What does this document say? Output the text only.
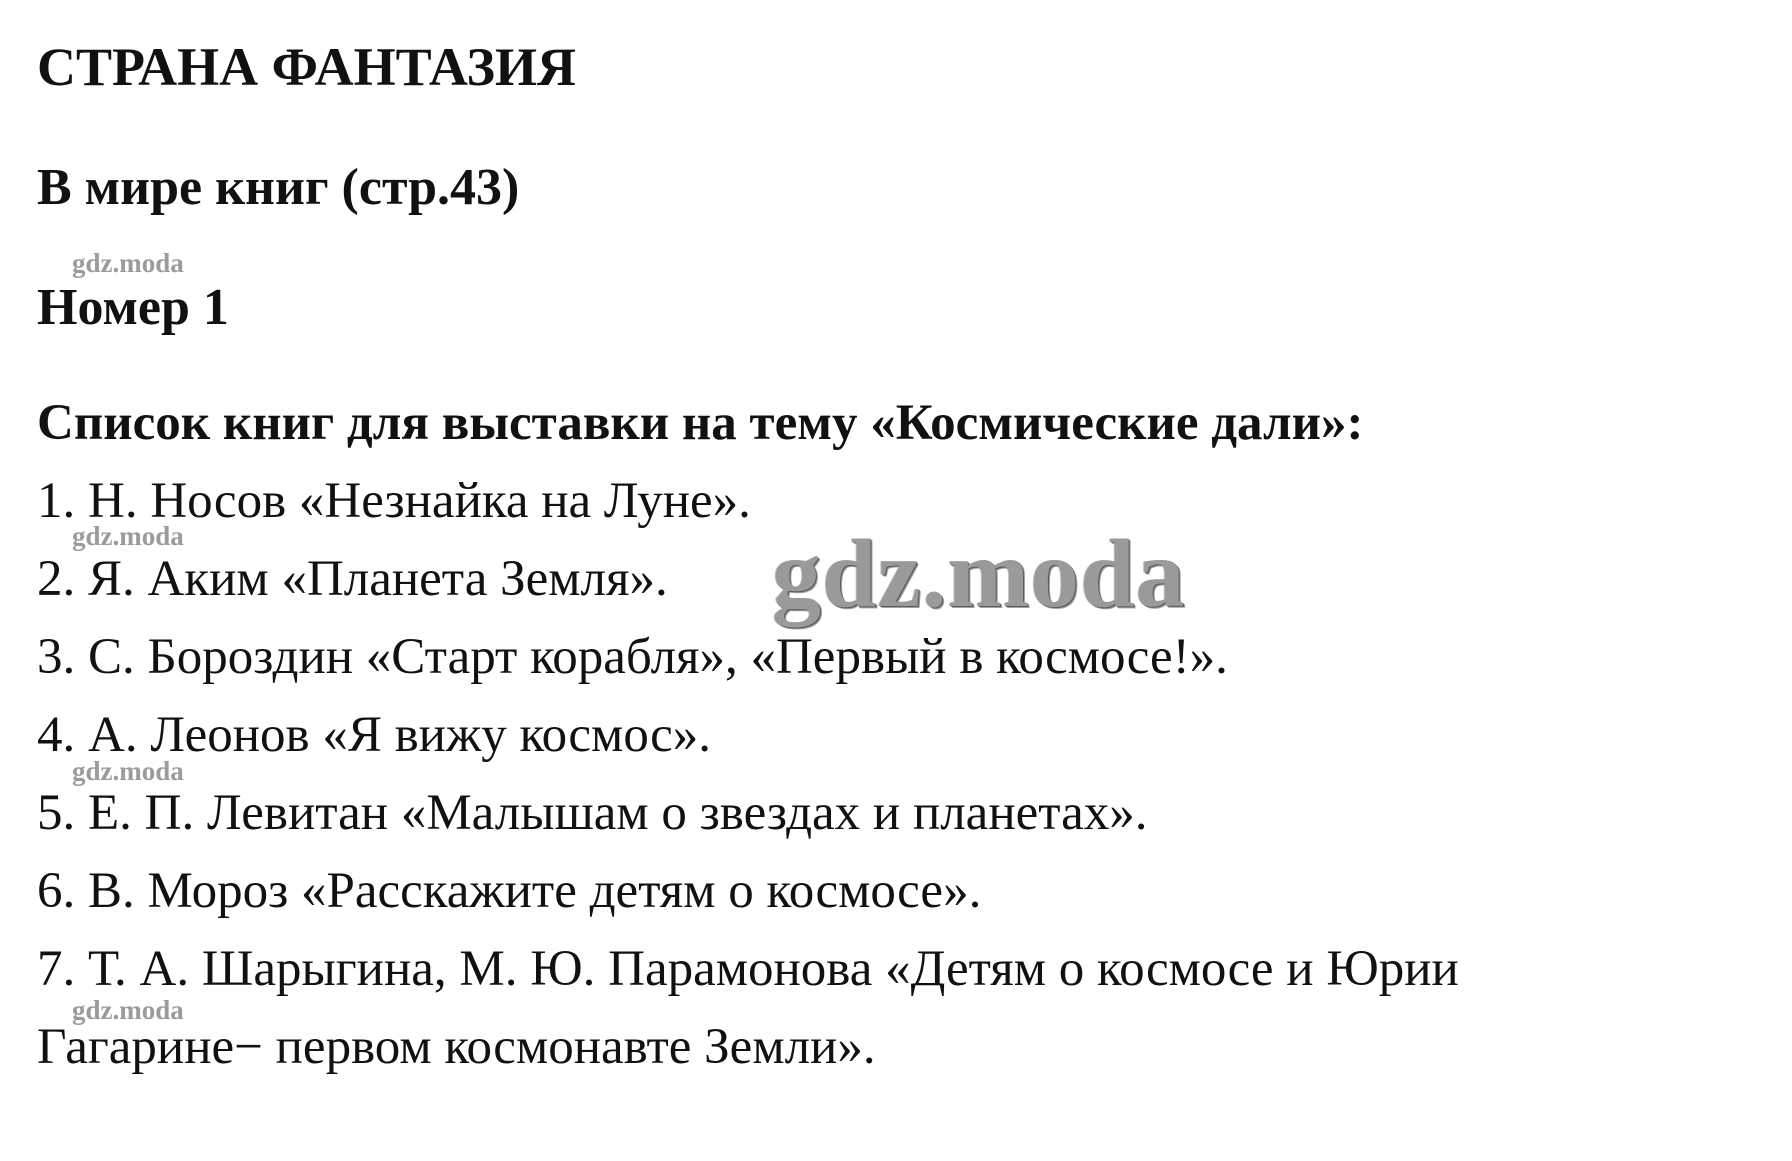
СТРАНА ФАНТАЗИЯ
В мире книг (стр.43)
Номер 1
Список книг для выставки на тему «Космические дали»:
1. Н. Носов «Незнайка на Луне».
2. Я. Аким «Планета Земля».
3. С. Бороздин «Старт корабля», «Первый в космосе!».
4. А. Леонов «Я вижу космос».
5. Е. П. Левитан «Малышам о звездах и планетах».
6. В. Мороз «Расскажите детям о космосе».
7. Т. А. Шарыгина, М. Ю. Парамонова «Детям о космосе и Юрии
Гагарине− первом космонавте Земли».
gdz.moda
gdz.moda
gdz.moda
gdz.moda
gdz.moda
